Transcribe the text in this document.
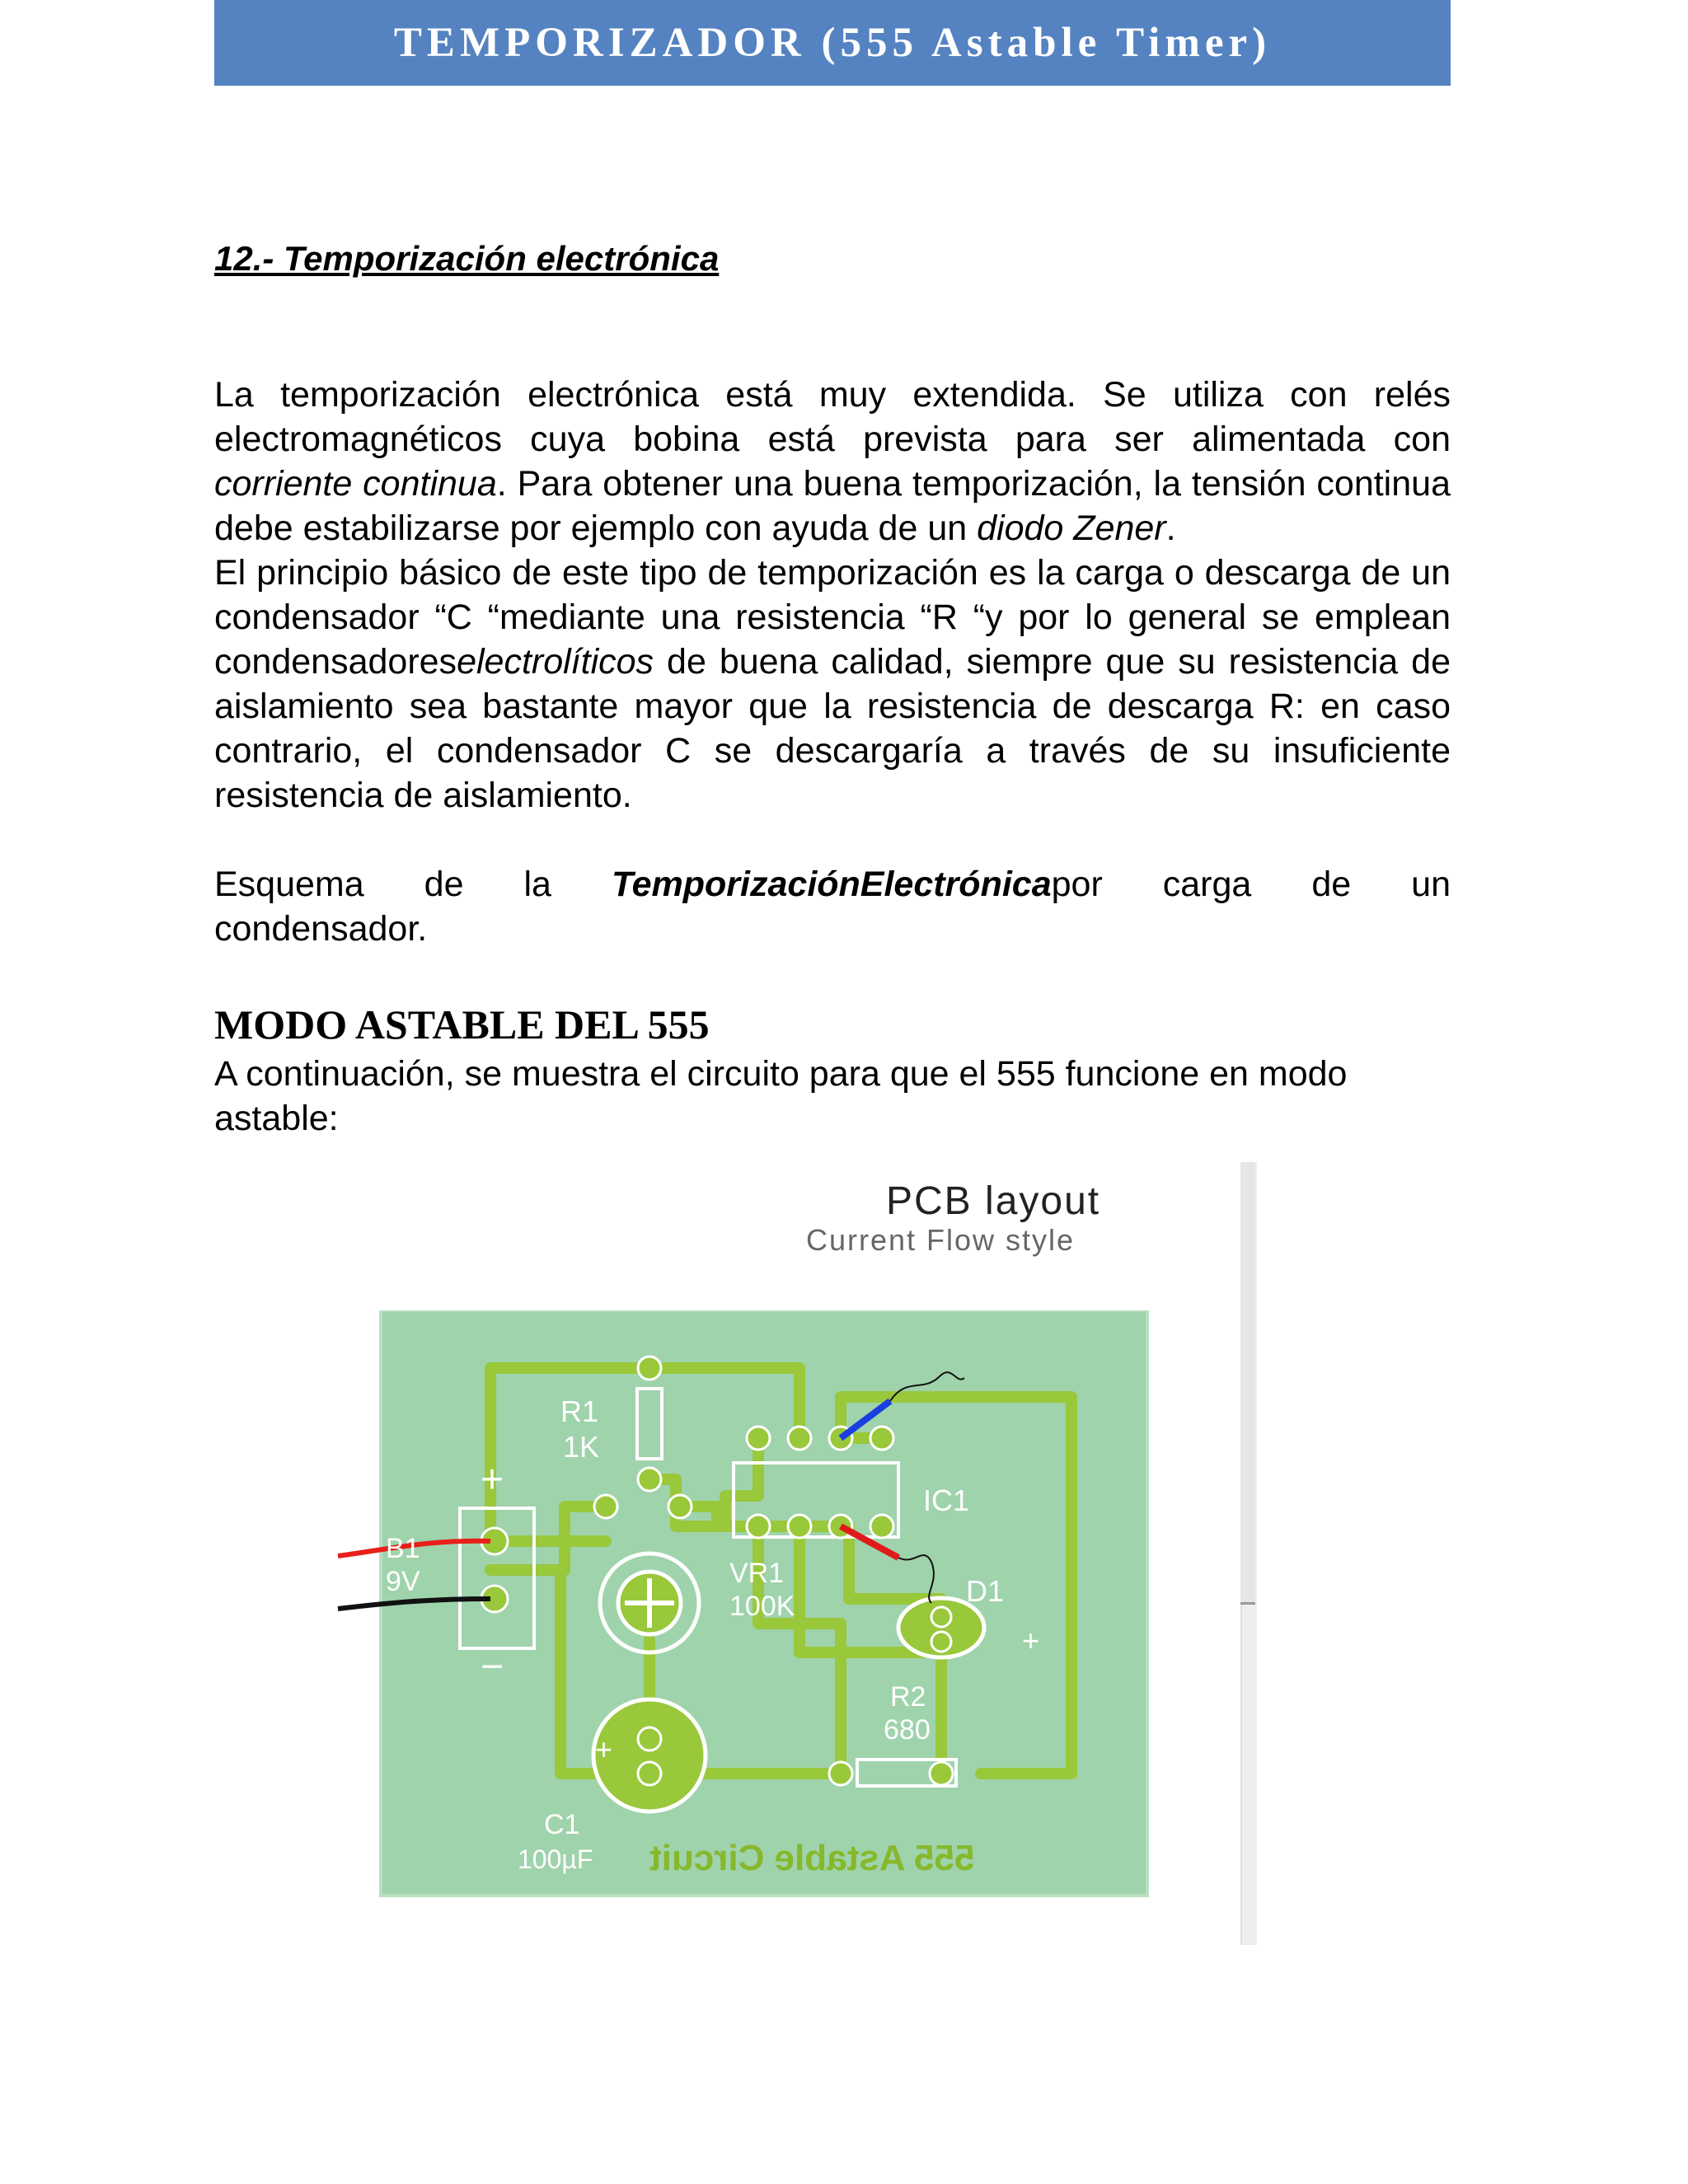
TEMPORIZADOR (555 Astable Timer)
12.- Temporización electrónica
La temporización electrónica está muy extendida. Se utiliza con relés electromagnéticos cuya bobina está prevista para ser alimentada con corriente continua. Para obtener una buena temporización, la tensión continua debe estabilizarse por ejemplo con ayuda de un diodo Zener.
El principio básico de este tipo de temporización es la carga o descarga de un condensador “C “mediante una resistencia “R “y por lo general se emplean condensadoreselectrolíticos de buena calidad, siempre que su resistencia de aislamiento sea bastante mayor que la resistencia de descarga R: en caso contrario, el condensador C se descargaría a través de su insuficiente resistencia de aislamiento.
Esquema de la TemporizaciónElectrónicapor carga de un
condensador.
MODO ASTABLE DEL 555
A continuación, se muestra el circuito para que el 555 funcione en modo astable:
PCB layout
Current Flow style
R1
1K
IC1
B1
9V
+
−
VR1
100K	D1
+
R2
680
+
C1
100µF 555 Astable Circuit
